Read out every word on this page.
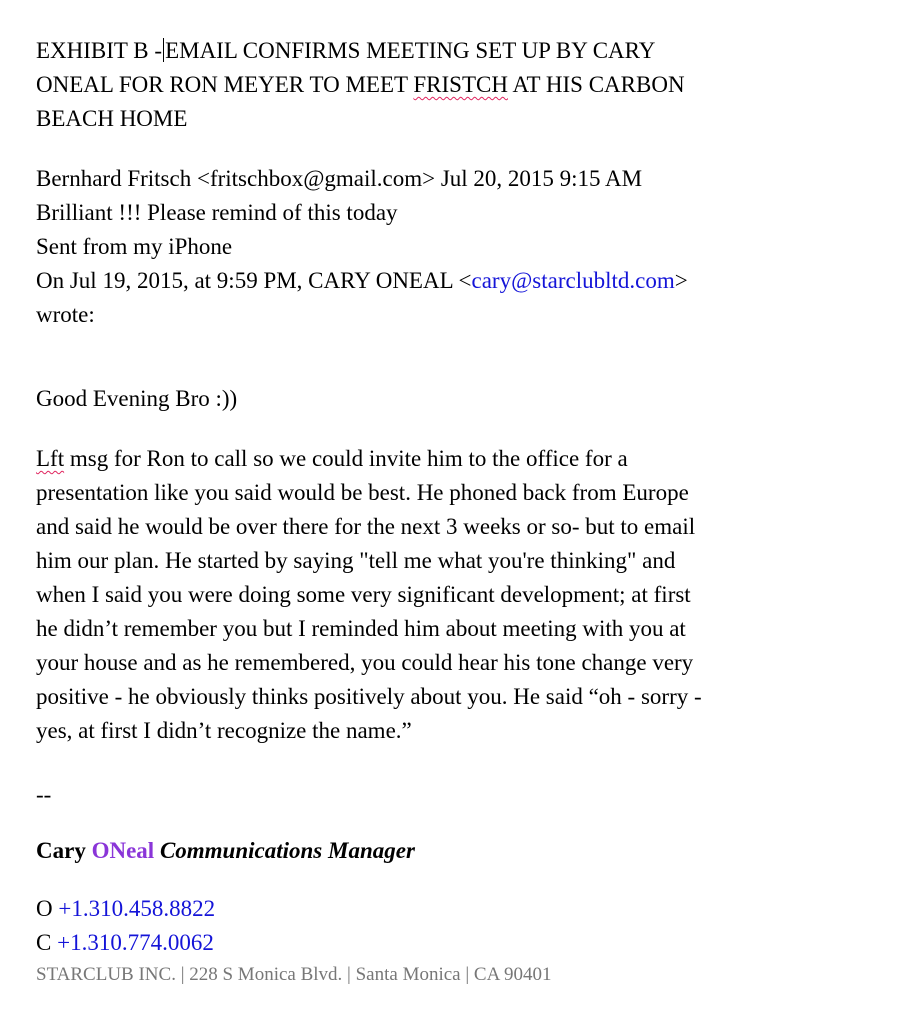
EXHIBIT B - EMAIL CONFIRMS MEETING SET UP BY CARY
ONEAL FOR RON MEYER TO MEET FRISTCH AT HIS CARBON
BEACH HOME
Bernhard Fritsch <fritschbox@gmail.com> Jul 20, 2015 9:15 AM
Brilliant !!! Please remind of this today
Sent from my iPhone
On Jul 19, 2015, at 9:59 PM, CARY ONEAL <cary@starclubltd.com>
wrote:
Good Evening Bro :))
Lft msg for Ron to call so we could invite him to the office for a
presentation like you said would be best. He phoned back from Europe
and said he would be over there for the next 3 weeks or so- but to email
him our plan. He started by saying "tell me what you're thinking" and
when I said you were doing some very significant development; at first
he didn’t remember you but I reminded him about meeting with you at
your house and as he remembered, you could hear his tone change very
positive - he obviously thinks positively about you. He said “oh - sorry -
yes, at first I didn’t recognize the name.”
--
Cary ONeal Communications Manager
O +1.310.458.8822
C +1.310.774.0062
STARCLUB INC. | 228 S Monica Blvd. | Santa Monica | CA 90401
